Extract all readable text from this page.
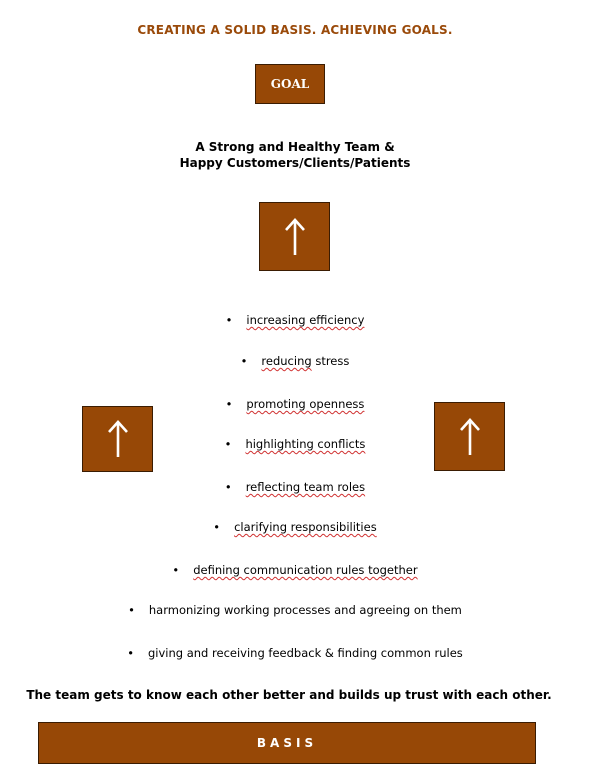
CREATING A SOLID BASIS. ACHIEVING GOALS.
GOAL
A Strong and Healthy Team &
Happy Customers/Clients/Patients
• increasing efficiency
• reducing stress
• promoting openness
• highlighting conflicts
• reflecting team roles
• clarifying responsibilities
• defining communication rules together
• harmonizing working processes and agreeing on them
• giving and receiving feedback & finding common rules
The team gets to know each other better and builds up trust with each other.
BASIS
